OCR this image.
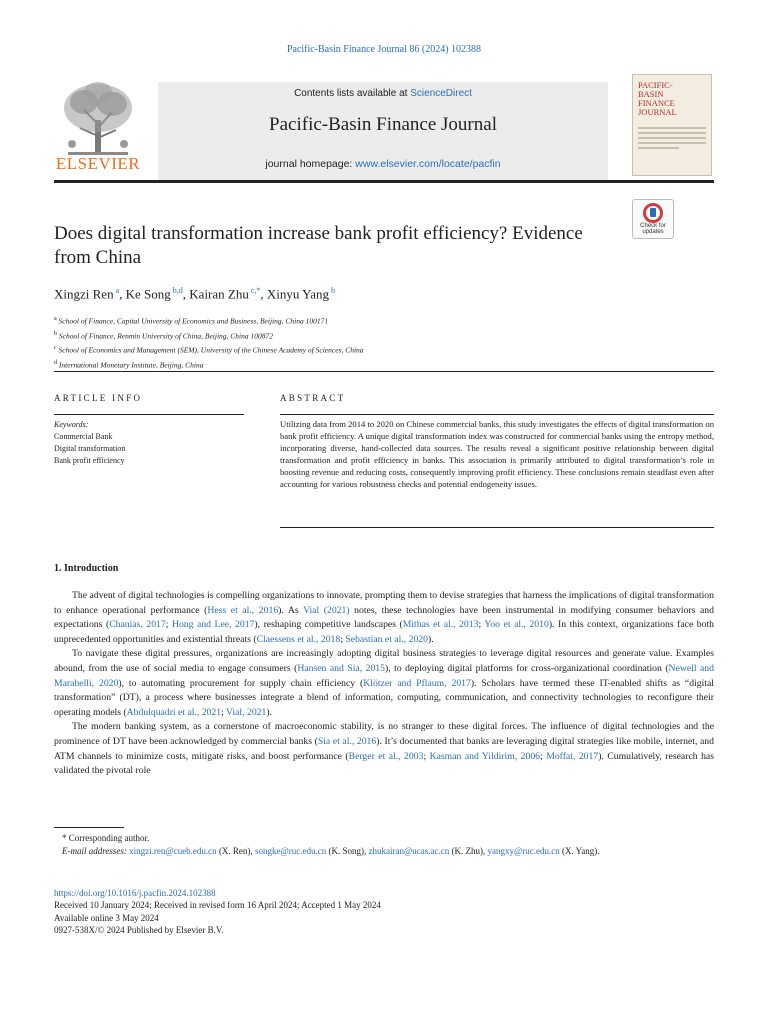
Pacific-Basin Finance Journal 86 (2024) 102388
ELSEVIER
Contents lists available at ScienceDirect
Pacific-Basin Finance Journal
journal homepage: www.elsevier.com/locate/pacfin
PACIFIC-
BASIN
FINANCE
JOURNAL
Does digital transformation increase bank profit efficiency? Evidence from China
Check for updates
Xingzi Ren $^a$, Ke Song $^{b,d}$, Kairan Zhu $^{c,*}$, Xinyu Yang $^b$
$^a$ School of Finance, Capital University of Economics and Business, Beijing, China 100171
$^b$ School of Finance, Renmin University of China, Beijing, China 100872
$^c$ School of Economics and Management (SEM), University of the Chinese Academy of Sciences, China
$^d$ International Monetary Institute, Beijing, China
ARTICLE INFO
Keywords:
Commercial Bank
Digital transformation
Bank profit efficiency
ABSTRACT
Utilizing data from 2014 to 2020 on Chinese commercial banks, this study investigates the effects of digital transformation on bank profit efficiency. A unique digital transformation index was constructed for commercial banks using the entropy method, incorporating diverse, hand-collected data sources. The results reveal a significant positive relationship between digital transformation and profit efficiency in banks. This association is primarily attributed to digital transformation’s role in boosting revenue and reducing costs, consequently improving profit efficiency. These conclusions remain steadfast even after accounting for various robustness checks and potential endogeneity issues.
1. Introduction

The advent of digital technologies is compelling organizations to innovate, prompting them to devise strategies that harness the implications of digital transformation to enhance operational performance (Hess et al., 2016). As Vial (2021) notes, these technologies have been instrumental in modifying consumer behaviors and expectations (Chanias, 2017; Hong and Lee, 2017), reshaping competitive landscapes (Mithas et al., 2013; Yoo et al., 2010). In this context, organizations face both unprecedented opportunities and existential threats (Claessens et al., 2018; Sebastian et al., 2020).

To navigate these digital pressures, organizations are increasingly adopting digital business strategies to leverage digital resources and generate value. Examples abound, from the use of social media to engage consumers (Hansen and Sia, 2015), to deploying digital platforms for cross-organizational coordination (Newell and Marabelli, 2020), to automating procurement for supply chain efficiency (Klötzer and Pflaum, 2017). Scholars have termed these IT-enabled shifts as “digital transformation” (DT), a process where businesses integrate a blend of information, computing, communication, and connectivity technologies to reconfigure their operating models (Abdulquadri et al., 2021; Vial, 2021).

The modern banking system, as a cornerstone of macroeconomic stability, is no stranger to these digital forces. The influence of digital technologies and the prominence of DT have been acknowledged by commercial banks (Sia et al., 2016). It’s documented that banks are leveraging digital strategies like mobile, internet, and ATM channels to minimize costs, mitigate risks, and boost performance (Berger et al., 2003; Kasman and Yildirim, 2006; Moffat, 2017). Cumulatively, research has validated the pivotal role

* Corresponding author.

E-mail addresses: xingzi.ren@cueb.edu.cn (X. Ren), songke@ruc.edu.cn (K. Song), zhukairan@ucas.ac.cn (K. Zhu), yangxy@ruc.edu.cn (X. Yang).

https://doi.org/10.1016/j.pacfin.2024.102388
Received 10 January 2024; Received in revised form 16 April 2024; Accepted 1 May 2024
Available online 3 May 2024
0927-538X/© 2024 Published by Elsevier B.V.
